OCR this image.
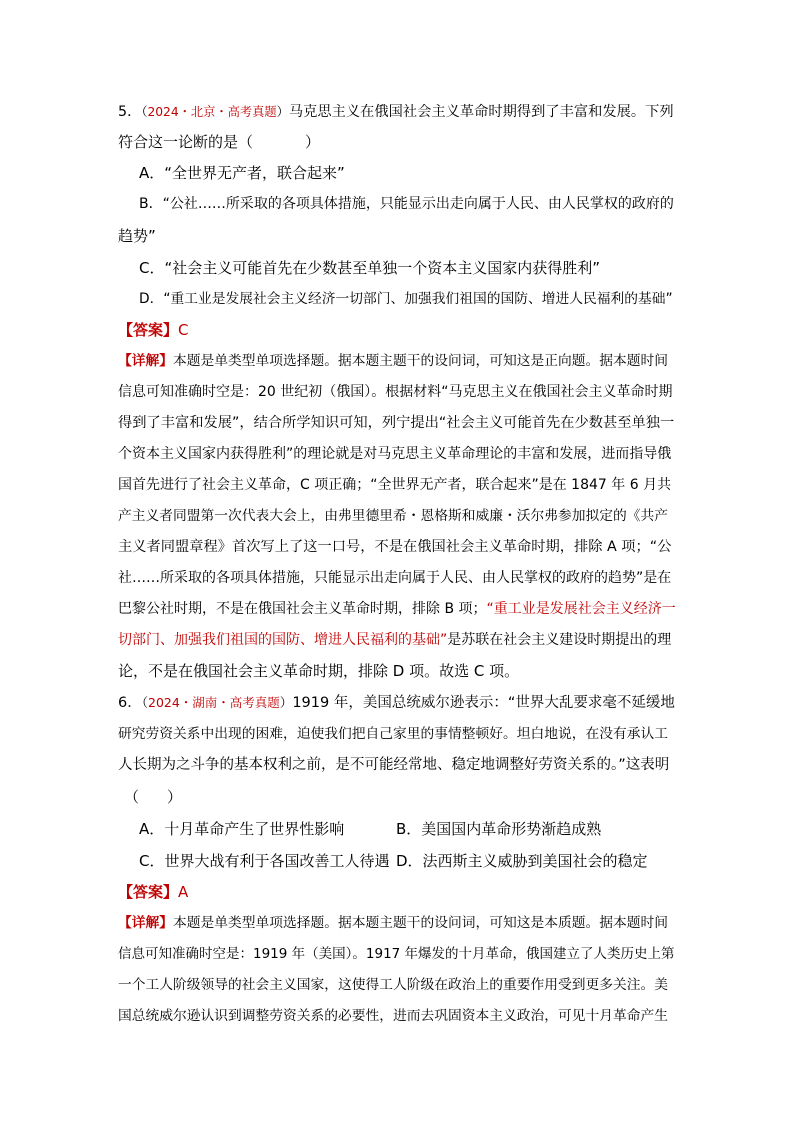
5．（2024・北京・高考真题）马克思主义在俄国社会主义革命时期得到了丰富和发展。下列
符合这一论断的是（	）
A．“全世界无产者，联合起来”
B．“公社……所采取的各项具体措施，只能显示出走向属于人民、由人民掌权的政府的
趋势”
C．“社会主义可能首先在少数甚至单独一个资本主义国家内获得胜利”
D．“重工业是发展社会主义经济一切部门、加强我们祖国的国防、增进人民福利的基础”
【答案】C
【详解】本题是单类型单项选择题。据本题主题干的设问词，可知这是正向题。据本题时间
信息可知准确时空是：20 世纪初（俄国）。根据材料“马克思主义在俄国社会主义革命时期
得到了丰富和发展”，结合所学知识可知，列宁提出“社会主义可能首先在少数甚至单独一
个资本主义国家内获得胜利”的理论就是对马克思主义革命理论的丰富和发展，进而指导俄
国首先进行了社会主义革命，C 项正确；“全世界无产者，联合起来”是在 1847 年 6 月共
产主义者同盟第一次代表大会上，由弗里德里希・恩格斯和威廉・沃尔弗参加拟定的《共产
主义者同盟章程》首次写上了这一口号，不是在俄国社会主义革命时期，排除 A 项；“公
社……所采取的各项具体措施，只能显示出走向属于人民、由人民掌权的政府的趋势”是在
巴黎公社时期，不是在俄国社会主义革命时期，排除 B 项；“重工业是发展社会主义经济一
切部门、加强我们祖国的国防、增进人民福利的基础”是苏联在社会主义建设时期提出的理
论，不是在俄国社会主义革命时期，排除 D 项。故选 C 项。
6．（2024・湖南・高考真题）1919 年，美国总统威尔逊表示：“世界大乱要求毫不延缓地
研究劳资关系中出现的困难，迫使我们把自己家里的事情整顿好。坦白地说，在没有承认工
人长期为之斗争的基本权利之前，是不可能经常地、稳定地调整好劳资关系的。”这表明
（ ）
A．十月革命产生了世界性影响	B．美国国内革命形势渐趋成熟
C．世界大战有利于各国改善工人待遇 D．法西斯主义威胁到美国社会的稳定
【答案】A
【详解】本题是单类型单项选择题。据本题主题干的设问词，可知这是本质题。据本题时间
信息可知准确时空是：1919 年（美国）。1917 年爆发的十月革命，俄国建立了人类历史上第
一个工人阶级领导的社会主义国家，这使得工人阶级在政治上的重要作用受到更多关注。美
国总统威尔逊认识到调整劳资关系的必要性，进而去巩固资本主义政治，可见十月革命产生
